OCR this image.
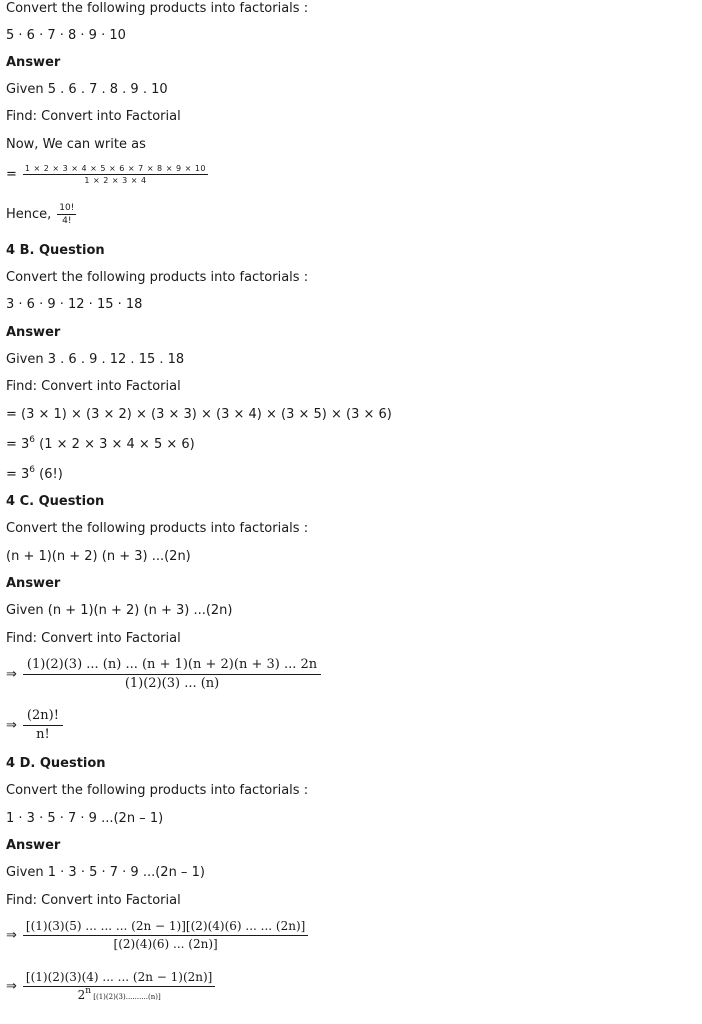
Convert the following products into factorials :
5 · 6 · 7 · 8 · 9 · 10
Answer
Given 5 . 6 . 7 . 8 . 9 . 10
Find: Convert into Factorial
Now, We can write as
= $\frac{1 \times 2 \times 3 \times 4 \times 5 \times 6 \times 7 \times 8 \times 9 \times 10}{1 \times 2 \times 3 \times 4}$
Hence, $\frac{10!}{4!}$
4 B. Question
Convert the following products into factorials :
3 · 6 · 9 · 12 · 15 · 18
Answer
Given 3 . 6 . 9 . 12 . 15 . 18
Find: Convert into Factorial
= (3 × 1) × (3 × 2) × (3 × 3) × (3 × 4) × (3 × 5) × (3 × 6)
= $3^6$ (1 × 2 × 3 × 4 × 5 × 6)
= $3^6$ (6!)
4 C. Question
Convert the following products into factorials :
(n + 1)(n + 2) (n + 3) ...(2n)
Answer
Given (n + 1)(n + 2) (n + 3) ...(2n)
Find: Convert into Factorial
⇒ $\frac{(1)(2)(3) ... (n) ... (n + 1)(n + 2)(n + 3) ... 2n}{(1)(2)(3) ... (n)}$
⇒ $\frac{(2n)!}{n!}$
4 D. Question
Convert the following products into factorials :
1 · 3 · 5 · 7 · 9 ...(2n – 1)
Answer
Given 1 · 3 · 5 · 7 · 9 ...(2n – 1)
Find: Convert into Factorial
⇒ $\frac{[(1)(3)(5) ... ... ... (2n - 1)][(2)(4)(6) ... ... (2n)]}{[(2)(4)(6) ... (2n)]}$
⇒ $\frac{[(1)(2)(3)(4) ... ... (2n - 1)(2n)]}{2^n [(1)(2)(3)..........(n)]}$
